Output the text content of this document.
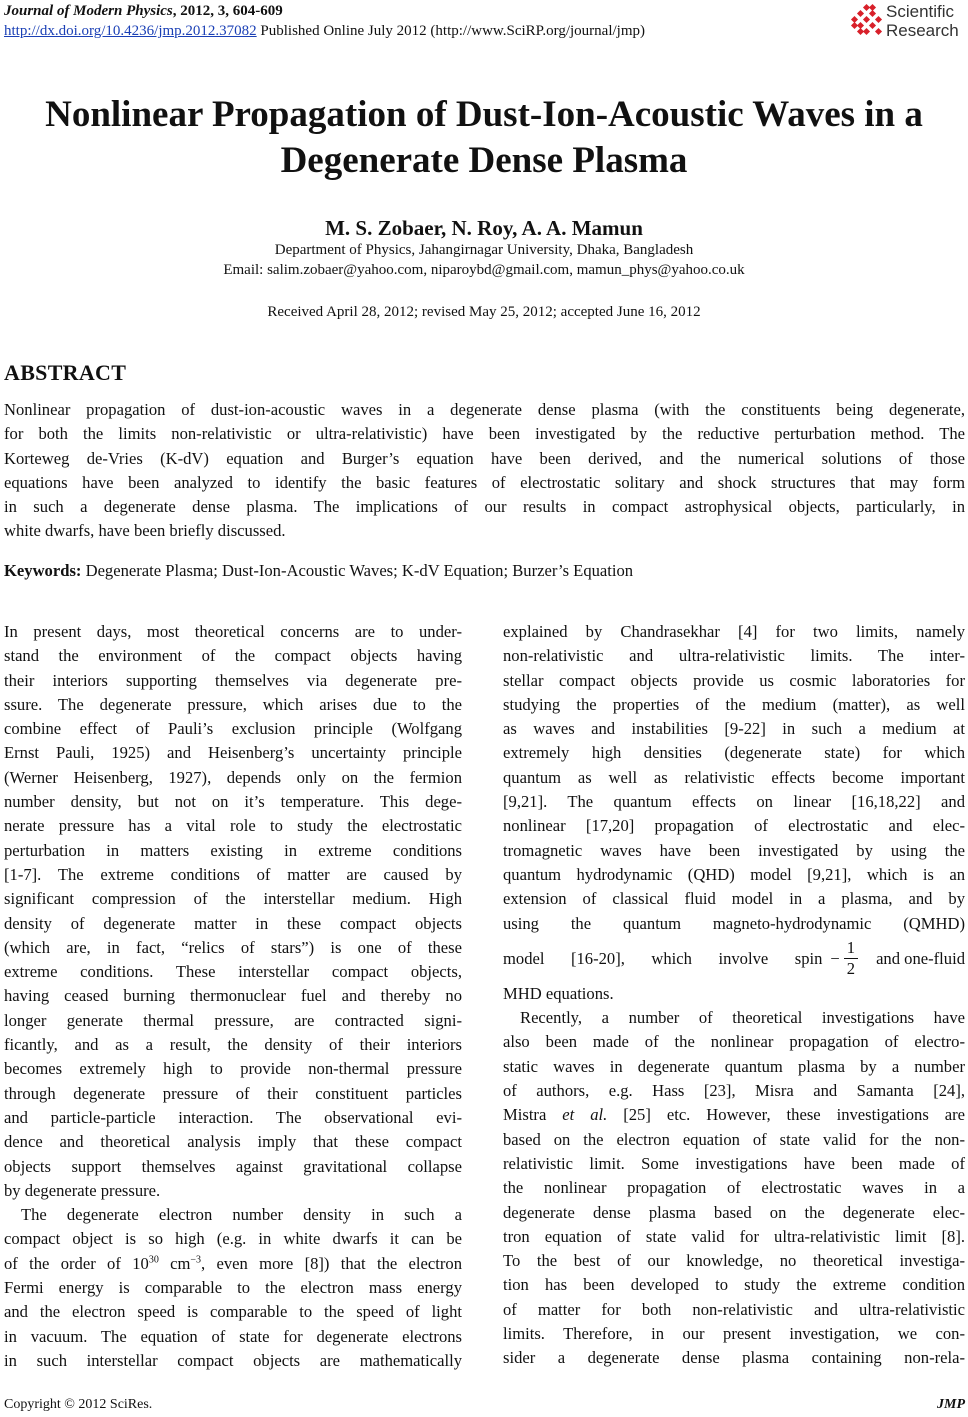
Journal of Modern Physics, 2012, 3, 604-609
http://dx.doi.org/10.4236/jmp.2012.37082 Published Online July 2012 (http://www.SciRP.org/journal/jmp)
Scientific
Research
Nonlinear Propagation of Dust-Ion-Acoustic Waves in a
Degenerate Dense Plasma
M. S. Zobaer, N. Roy, A. A. Mamun
Department of Physics, Jahangirnagar University, Dhaka, Bangladesh
Email: salim.zobaer@yahoo.com, niparoybd@gmail.com, mamun_phys@yahoo.co.uk
Received April 28, 2012; revised May 25, 2012; accepted June 16, 2012
ABSTRACT
Nonlinear propagation of dust-ion-acoustic waves in a degenerate dense plasma (with the constituents being degenerate,
for both the limits non-relativistic or ultra-relativistic) have been investigated by the reductive perturbation method. The
Korteweg de-Vries (K-dV) equation and Burger’s equation have been derived, and the numerical solutions of those
equations have been analyzed to identify the basic features of electrostatic solitary and shock structures that may form
in such a degenerate dense plasma. The implications of our results in compact astrophysical objects, particularly, in
white dwarfs, have been briefly discussed.
Keywords: Degenerate Plasma; Dust-Ion-Acoustic Waves; K-dV Equation; Burzer’s Equation
In present days, most theoretical concerns are to under-
stand the environment of the compact objects having
their interiors supporting themselves via degenerate pre-
ssure. The degenerate pressure, which arises due to the
combine effect of Pauli’s exclusion principle (Wolfgang
Ernst Pauli, 1925) and Heisenberg’s uncertainty principle
(Werner Heisenberg, 1927), depends only on the fermion
number density, but not on it’s temperature. This dege-
nerate pressure has a vital role to study the electrostatic
perturbation in matters existing in extreme conditions
[1-7]. The extreme conditions of matter are caused by
significant compression of the interstellar medium. High
density of degenerate matter in these compact objects
(which are, in fact, “relics of stars”) is one of these
extreme conditions. These interstellar compact objects,
having ceased burning thermonuclear fuel and thereby no
longer generate thermal pressure, are contracted signi-
ficantly, and as a result, the density of their interiors
becomes extremely high to provide non-thermal pressure
through degenerate pressure of their constituent particles
and particle-particle interaction. The observational evi-
dence and theoretical analysis imply that these compact
objects support themselves against gravitational collapse
by degenerate pressure.
The degenerate electron number density in such a
compact object is so high (e.g. in white dwarfs it can be
of the order of $10^{30}$ $cm^{-3}$, even more [8]) that the electron
Fermi energy is comparable to the electron mass energy
and the electron speed is comparable to the speed of light
in vacuum. The equation of state for degenerate electrons
in such interstellar compact objects are mathematically
explained by Chandrasekhar [4] for two limits, namely
non-relativistic and ultra-relativistic limits. The inter-
stellar compact objects provide us cosmic laboratories for
studying the properties of the medium (matter), as well
as waves and instabilities [9-22] in such a medium at
extremely high densities (degenerate state) for which
quantum as well as relativistic effects become important
[9,21]. The quantum effects on linear [16,18,22] and
nonlinear [17,20] propagation of electrostatic and elec-
tromagnetic waves have been investigated by using the
quantum hydrodynamic (QHD) model [9,21], which is an
extension of classical fluid model in a plasma, and by
using the quantum magneto-hydrodynamic (QMHD)
model [16-20], which involve spin − $\frac{1}{2}$ and one-fluid
MHD equations.
Recently, a number of theoretical investigations have
also been made of the nonlinear propagation of electro-
static waves in degenerate quantum plasma by a number
of authors, e.g. Hass [23], Misra and Samanta [24],
Mistra et al. [25] etc. However, these investigations are
based on the electron equation of state valid for the non-
relativistic limit. Some investigations have been made of
the nonlinear propagation of electrostatic waves in a
degenerate dense plasma based on the degenerate elec-
tron equation of state valid for ultra-relativistic limit [8].
To the best of our knowledge, no theoretical investiga-
tion has been developed to study the extreme condition
of matter for both non-relativistic and ultra-relativistic
limits. Therefore, in our present investigation, we con-
sider a degenerate dense plasma containing non-rela-
Copyright © 2012 SciRes.	JMP
